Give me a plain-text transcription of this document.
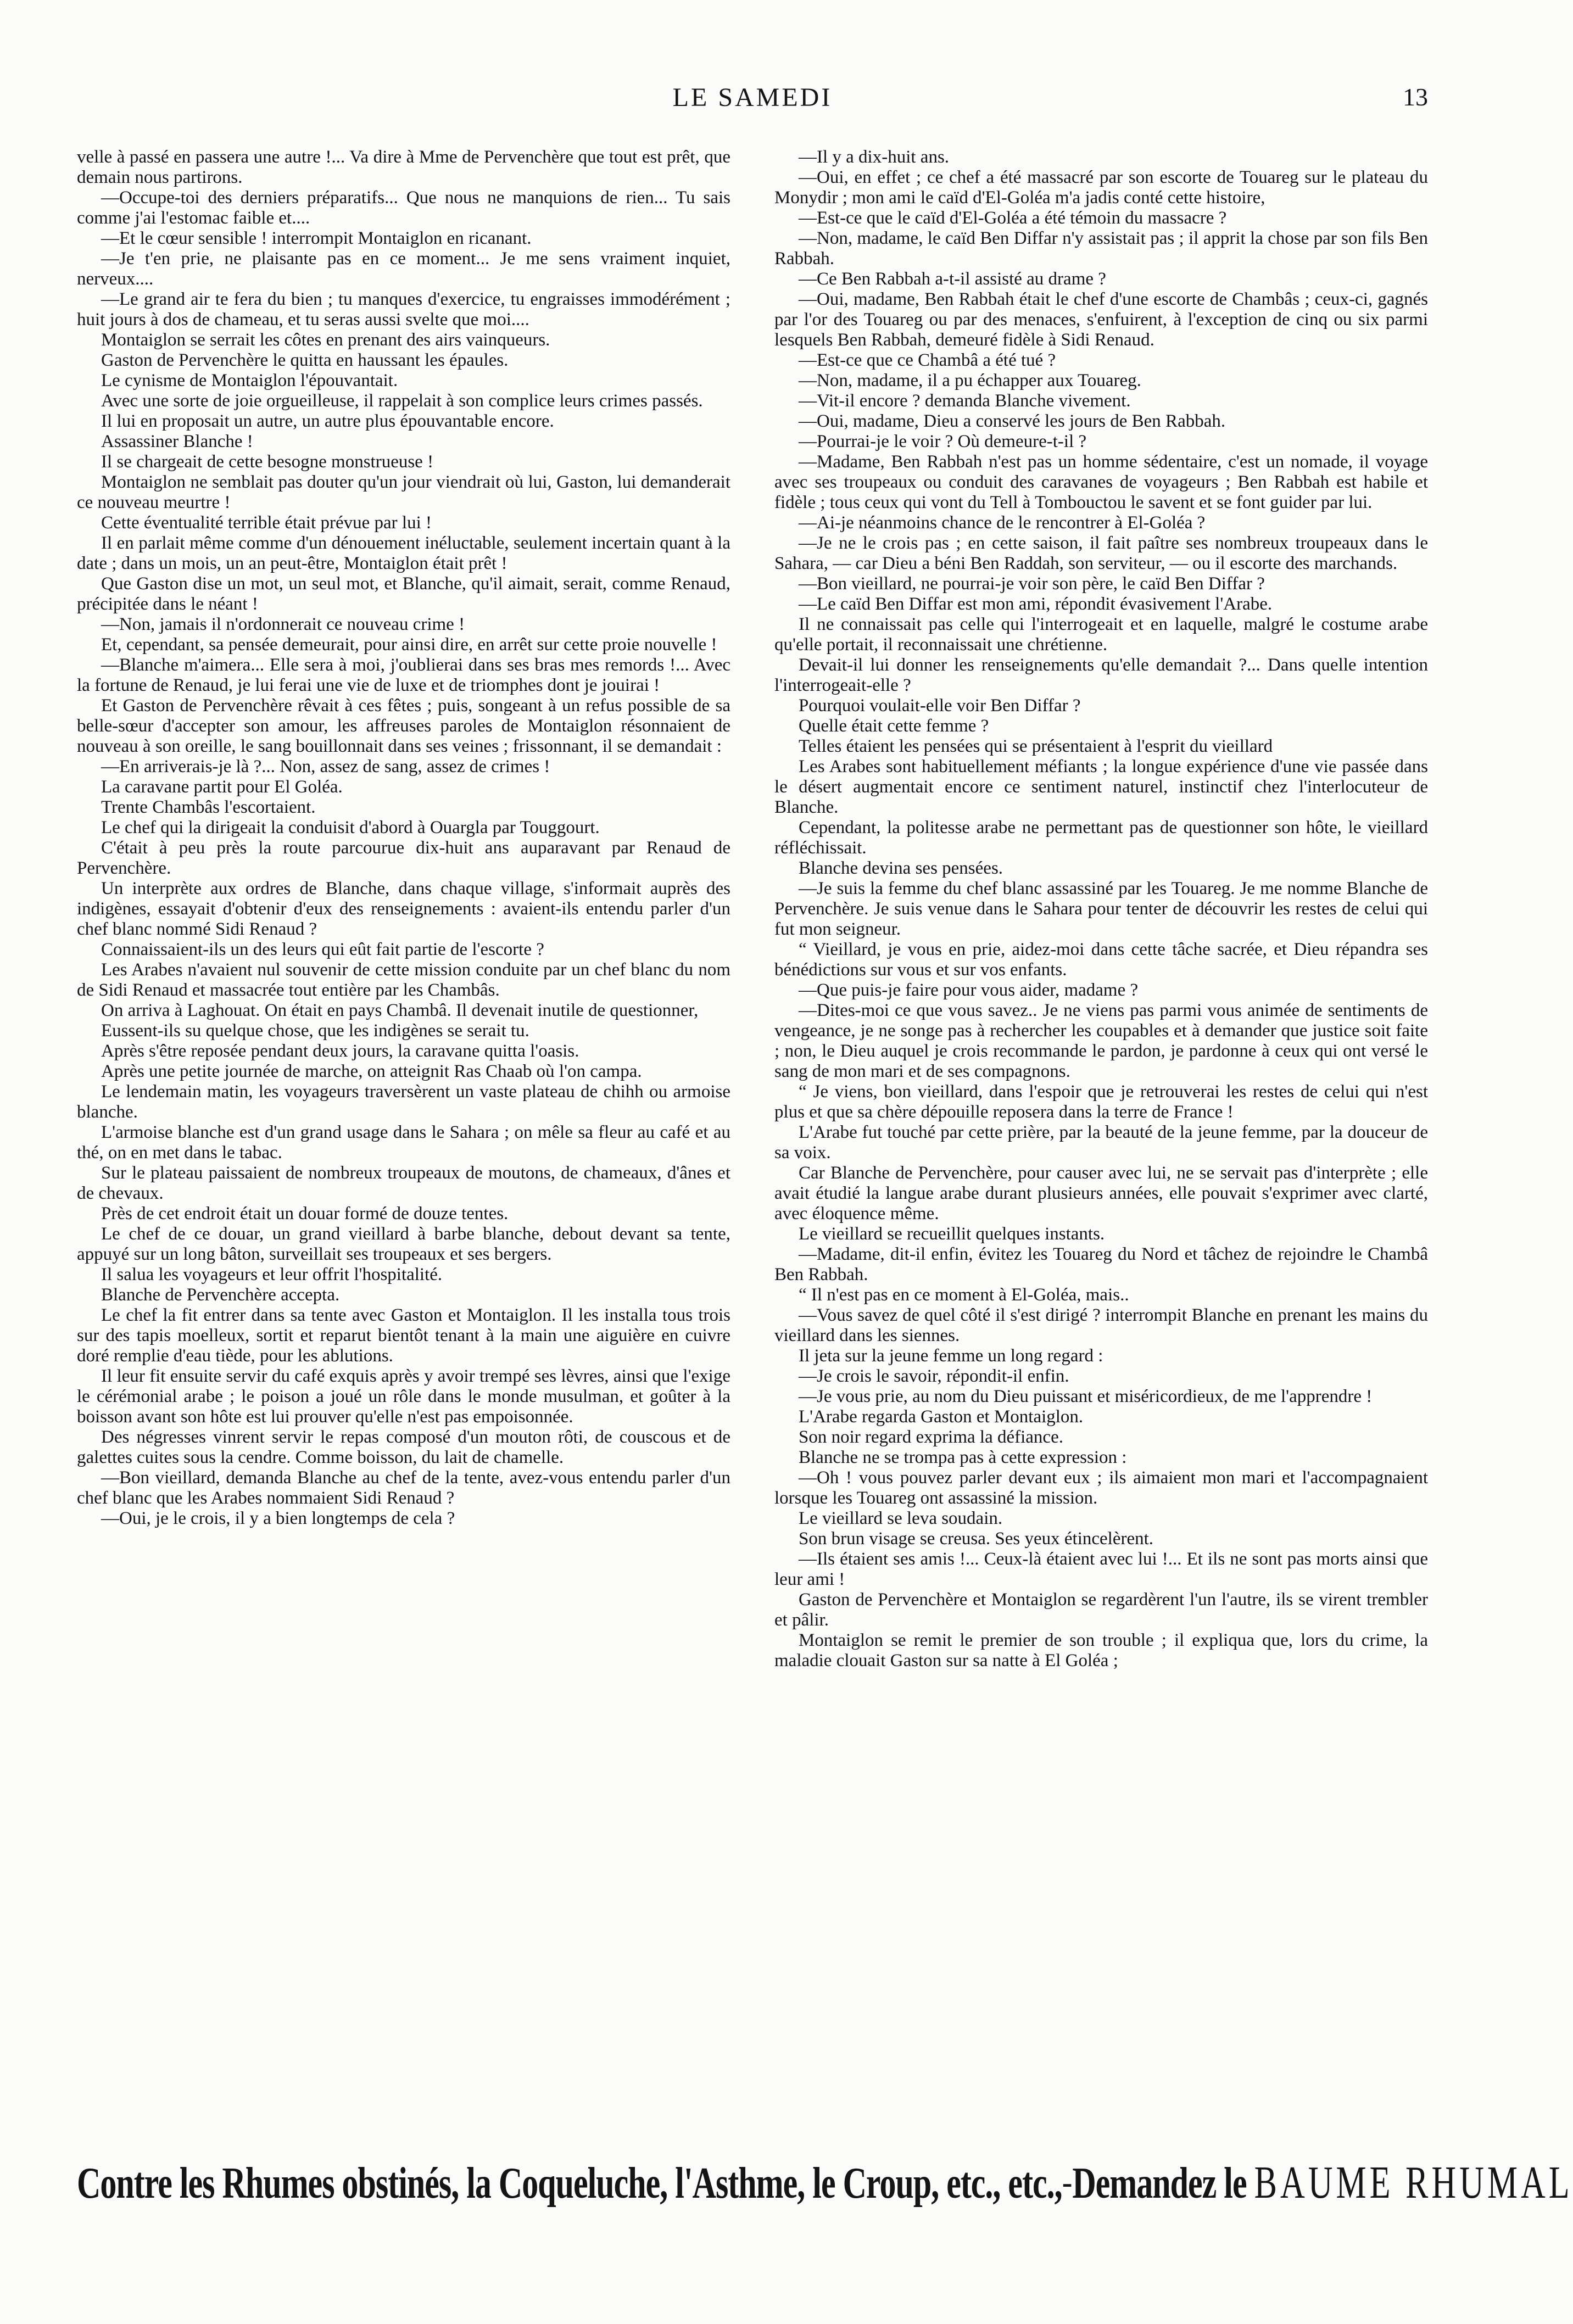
LE SAMEDI	13

velle à passé en passera une autre !... Va dire à Mme de Pervenchère que tout est prêt, que demain nous partirons.

—Occupe-toi des derniers préparatifs... Que nous ne manquions de rien... Tu sais comme j'ai l'estomac faible et....

—Et le cœur sensible ! interrompit Montaiglon en ricanant.

—Je t'en prie, ne plaisante pas en ce moment... Je me sens vraiment inquiet, nerveux....

—Le grand air te fera du bien ; tu manques d'exercice, tu engraisses immodérément ; huit jours à dos de chameau, et tu seras aussi svelte que moi....

Montaiglon se serrait les côtes en prenant des airs vainqueurs.

Gaston de Pervenchère le quitta en haussant les épaules.

Le cynisme de Montaiglon l'épouvantait.

Avec une sorte de joie orgueilleuse, il rappelait à son complice leurs crimes passés.

Il lui en proposait un autre, un autre plus épouvantable encore.

Assassiner Blanche !

Il se chargeait de cette besogne monstrueuse !

Montaiglon ne semblait pas douter qu'un jour viendrait où lui, Gaston, lui demanderait ce nouveau meurtre !

Cette éventualité terrible était prévue par lui !

Il en parlait même comme d'un dénouement inéluctable, seulement incertain quant à la date ; dans un mois, un an peut-être, Montaiglon était prêt !

Que Gaston dise un mot, un seul mot, et Blanche, qu'il aimait, serait, comme Renaud, précipitée dans le néant !

—Non, jamais il n'ordonnerait ce nouveau crime !

Et, cependant, sa pensée demeurait, pour ainsi dire, en arrêt sur cette proie nouvelle !

—Blanche m'aimera... Elle sera à moi, j'oublierai dans ses bras mes remords !... Avec la fortune de Renaud, je lui ferai une vie de luxe et de triomphes dont je jouirai !

Et Gaston de Pervenchère rêvait à ces fêtes ; puis, songeant à un refus possible de sa belle-sœur d'accepter son amour, les affreuses paroles de Montaiglon résonnaient de nouveau à son oreille, le sang bouillonnait dans ses veines ; frissonnant, il se demandait :

—En arriverais-je là ?... Non, assez de sang, assez de crimes !

La caravane partit pour El Goléa.

Trente Chambâs l'escortaient.

Le chef qui la dirigeait la conduisit d'abord à Ouargla par Touggourt.

C'était à peu près la route parcourue dix-huit ans auparavant par Renaud de Pervenchère.

Un interprète aux ordres de Blanche, dans chaque village, s'informait auprès des indigènes, essayait d'obtenir d'eux des renseignements : avaient-ils entendu parler d'un chef blanc nommé Sidi Renaud ?

Connaissaient-ils un des leurs qui eût fait partie de l'escorte ?

Les Arabes n'avaient nul souvenir de cette mission conduite par un chef blanc du nom de Sidi Renaud et massacrée tout entière par les Chambâs.

On arriva à Laghouat. On était en pays Chambâ. Il devenait inutile de questionner,

Eussent-ils su quelque chose, que les indigènes se serait tu.

Après s'être reposée pendant deux jours, la caravane quitta l'oasis.

Après une petite journée de marche, on atteignit Ras Chaab où l'on campa.

Le lendemain matin, les voyageurs traversèrent un vaste plateau de chihh ou armoise blanche.

L'armoise blanche est d'un grand usage dans le Sahara ; on mêle sa fleur au café et au thé, on en met dans le tabac.

Sur le plateau paissaient de nombreux troupeaux de moutons, de chameaux, d'ânes et de chevaux.

Près de cet endroit était un douar formé de douze tentes.

Le chef de ce douar, un grand vieillard à barbe blanche, debout devant sa tente, appuyé sur un long bâton, surveillait ses troupeaux et ses bergers.

Il salua les voyageurs et leur offrit l'hospitalité.

Blanche de Pervenchère accepta.

Le chef la fit entrer dans sa tente avec Gaston et Montaiglon. Il les installa tous trois sur des tapis moelleux, sortit et reparut bientôt tenant à la main une aiguière en cuivre doré remplie d'eau tiède, pour les ablutions.

Il leur fit ensuite servir du café exquis après y avoir trempé ses lèvres, ainsi que l'exige le cérémonial arabe ; le poison a joué un rôle dans le monde musulman, et goûter à la boisson avant son hôte est lui prouver qu'elle n'est pas empoisonnée.

Des négresses vinrent servir le repas composé d'un mouton rôti, de couscous et de galettes cuites sous la cendre. Comme boisson, du lait de chamelle.

—Bon vieillard, demanda Blanche au chef de la tente, avez-vous entendu parler d'un chef blanc que les Arabes nommaient Sidi Renaud ?

—Oui, je le crois, il y a bien longtemps de cela ?

—Il y a dix-huit ans.

—Oui, en effet ; ce chef a été massacré par son escorte de Touareg sur le plateau du Monydir ; mon ami le caïd d'El-Goléa m'a jadis conté cette histoire,

—Est-ce que le caïd d'El-Goléa a été témoin du massacre ?

—Non, madame, le caïd Ben Diffar n'y assistait pas ; il apprit la chose par son fils Ben Rabbah.

—Ce Ben Rabbah a-t-il assisté au drame ?

—Oui, madame, Ben Rabbah était le chef d'une escorte de Chambâs ; ceux-ci, gagnés par l'or des Touareg ou par des menaces, s'enfuirent, à l'exception de cinq ou six parmi lesquels Ben Rabbah, demeuré fidèle à Sidi Renaud.

—Est-ce que ce Chambâ a été tué ?

—Non, madame, il a pu échapper aux Touareg.

—Vit-il encore ? demanda Blanche vivement.

—Oui, madame, Dieu a conservé les jours de Ben Rabbah.

—Pourrai-je le voir ? Où demeure-t-il ?

—Madame, Ben Rabbah n'est pas un homme sédentaire, c'est un nomade, il voyage avec ses troupeaux ou conduit des caravanes de voyageurs ; Ben Rabbah est habile et fidèle ; tous ceux qui vont du Tell à Tombouctou le savent et se font guider par lui.

—Ai-je néanmoins chance de le rencontrer à El-Goléa ?

—Je ne le crois pas ; en cette saison, il fait paître ses nombreux troupeaux dans le Sahara, — car Dieu a béni Ben Raddah, son serviteur, — ou il escorte des marchands.

—Bon vieillard, ne pourrai-je voir son père, le caïd Ben Diffar ?

—Le caïd Ben Diffar est mon ami, répondit évasivement l'Arabe.

Il ne connaissait pas celle qui l'interrogeait et en laquelle, malgré le costume arabe qu'elle portait, il reconnaissait une chrétienne.

Devait-il lui donner les renseignements qu'elle demandait ?... Dans quelle intention l'interrogeait-elle ?

Pourquoi voulait-elle voir Ben Diffar ?

Quelle était cette femme ?

Telles étaient les pensées qui se présentaient à l'esprit du vieillard

Les Arabes sont habituellement méfiants ; la longue expérience d'une vie passée dans le désert augmentait encore ce sentiment naturel, instinctif chez l'interlocuteur de Blanche.

Cependant, la politesse arabe ne permettant pas de questionner son hôte, le vieillard réfléchissait.

Blanche devina ses pensées.

—Je suis la femme du chef blanc assassiné par les Touareg. Je me nomme Blanche de Pervenchère. Je suis venue dans le Sahara pour tenter de découvrir les restes de celui qui fut mon seigneur.

“ Vieillard, je vous en prie, aidez-moi dans cette tâche sacrée, et Dieu répandra ses bénédictions sur vous et sur vos enfants.

—Que puis-je faire pour vous aider, madame ?

—Dites-moi ce que vous savez.. Je ne viens pas parmi vous animée de sentiments de vengeance, je ne songe pas à rechercher les coupables et à demander que justice soit faite ; non, le Dieu auquel je crois recommande le pardon, je pardonne à ceux qui ont versé le sang de mon mari et de ses compagnons.

“ Je viens, bon vieillard, dans l'espoir que je retrouverai les restes de celui qui n'est plus et que sa chère dépouille reposera dans la terre de France !

L'Arabe fut touché par cette prière, par la beauté de la jeune femme, par la douceur de sa voix.

Car Blanche de Pervenchère, pour causer avec lui, ne se servait pas d'interprète ; elle avait étudié la langue arabe durant plusieurs années, elle pouvait s'exprimer avec clarté, avec éloquence même.

Le vieillard se recueillit quelques instants.

—Madame, dit-il enfin, évitez les Touareg du Nord et tâchez de rejoindre le Chambâ Ben Rabbah.

“ Il n'est pas en ce moment à El-Goléa, mais..

—Vous savez de quel côté il s'est dirigé ? interrompit Blanche en prenant les mains du vieillard dans les siennes.

Il jeta sur la jeune femme un long regard :

—Je crois le savoir, répondit-il enfin.

—Je vous prie, au nom du Dieu puissant et miséricordieux, de me l'apprendre !

L'Arabe regarda Gaston et Montaiglon.

Son noir regard exprima la défiance.

Blanche ne se trompa pas à cette expression :

—Oh ! vous pouvez parler devant eux ; ils aimaient mon mari et l'accompagnaient lorsque les Touareg ont assassiné la mission.

Le vieillard se leva soudain.

Son brun visage se creusa. Ses yeux étincelèrent.

—Ils étaient ses amis !... Ceux-là étaient avec lui !... Et ils ne sont pas morts ainsi que leur ami !

Gaston de Pervenchère et Montaiglon se regardèrent l'un l'autre, ils se virent trembler et pâlir.

Montaiglon se remit le premier de son trouble ; il expliqua que, lors du crime, la maladie clouait Gaston sur sa natte à El Goléa ;

Contre les Rhumes obstinés, la Coqueluche, l'Asthme, le Croup, etc., etc., - Demandez le BAUME RHUMAL
